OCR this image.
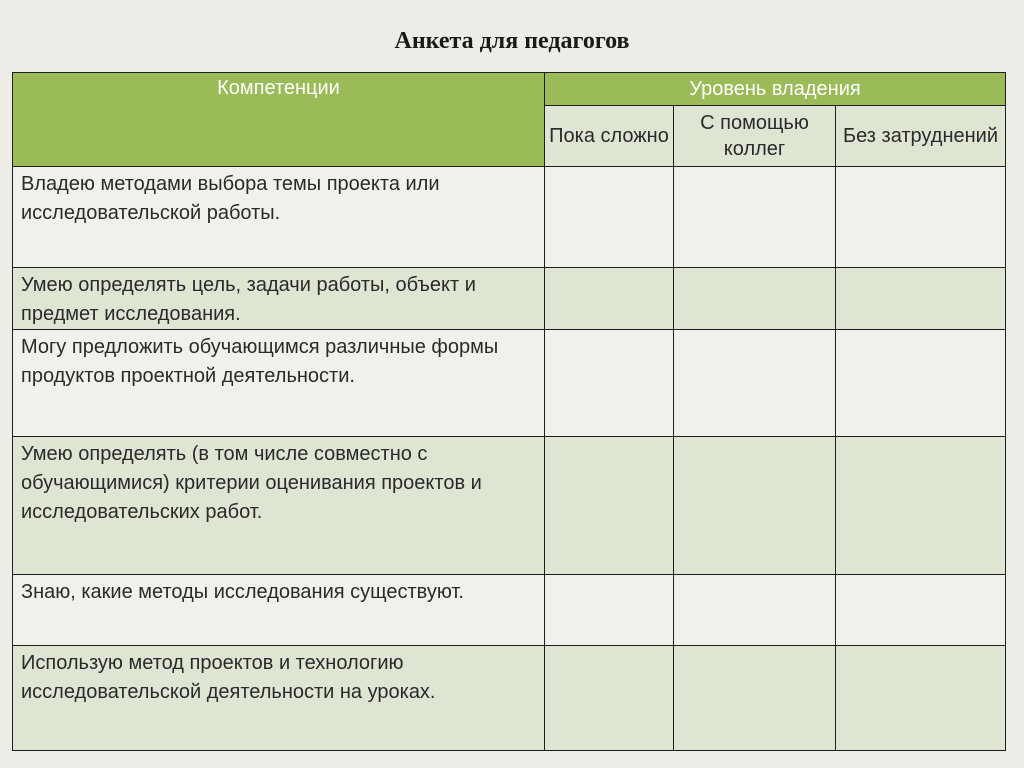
Анкета для педагогов
Компетенции	Уровень владения		
	Пока сложно	С помощью коллег	Без затруднений
Владею методами выбора темы проекта или исследовательской работы.			
Умею определять цель, задачи работы, объект и предмет исследования.			
Могу предложить обучающимся различные формы продуктов проектной деятельности.			
Умею определять (в том числе совместно с обучающимися) критерии оценивания проектов и исследовательских работ.			
Знаю, какие методы исследования существуют.			
Использую метод проектов и технологию исследовательской деятельности на уроках.			
